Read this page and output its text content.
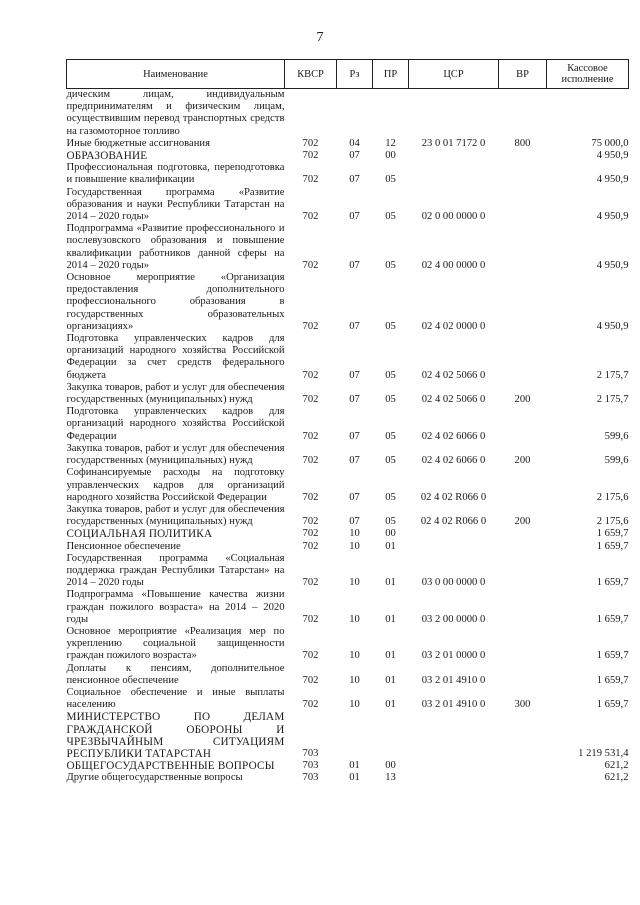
7
Наименование	КВСР	Рз	ПР	ЦСР	ВР	Кассовое исполнение
дическим лицам, индивидуальным предпринимателям и физическим лицам, осуществившим перевод транспортных средств на газомоторное топливо						
Иные бюджетные ассигнования	702	04	12	23 0 01 7172 0	800	75 000,0
ОБРАЗОВАНИЕ	702	07	00			4 950,9
Профессиональная подготовка, переподготовка и повышение квалификации	702	07	05			4 950,9
Государственная программа «Развитие образования и науки Республики Татарстан на 2014 – 2020 годы»	702	07	05	02 0 00 0000 0		4 950,9
Подпрограмма «Развитие профессионального и послевузовского образования и повышение квалификации работников данной сферы на 2014 – 2020 годы»	702	07	05	02 4 00 0000 0		4 950,9
Основное мероприятие «Организация предоставления дополнительного профессионального образования в государственных образовательных организациях»	702	07	05	02 4 02 0000 0		4 950,9
Подготовка управленческих кадров для организаций народного хозяйства Российской Федерации за счет средств федерального бюджета	702	07	05	02 4 02 5066 0		2 175,7
Закупка товаров, работ и услуг для обеспечения государственных (муниципальных) нужд	702	07	05	02 4 02 5066 0	200	2 175,7
Подготовка управленческих кадров для организаций народного хозяйства Российской Федерации	702	07	05	02 4 02 6066 0		599,6
Закупка товаров, работ и услуг для обеспечения государственных (муниципальных) нужд	702	07	05	02 4 02 6066 0	200	599,6
Софинансируемые расходы на подготовку управленческих кадров для организаций народного хозяйства Российской Федерации	702	07	05	02 4 02 R066 0		2 175,6
Закупка товаров, работ и услуг для обеспечения государственных (муниципальных) нужд	702	07	05	02 4 02 R066 0	200	2 175,6
СОЦИАЛЬНАЯ ПОЛИТИКА	702	10	00			1 659,7
Пенсионное обеспечение	702	10	01			1 659,7
Государственная программа «Социальная поддержка граждан Республики Татарстан» на 2014 – 2020 годы	702	10	01	03 0 00 0000 0		1 659,7
Подпрограмма «Повышение качества жизни граждан пожилого возраста» на 2014 – 2020 годы	702	10	01	03 2 00 0000 0		1 659,7
Основное мероприятие «Реализация мер по укреплению социальной защищенности граждан пожилого возраста»	702	10	01	03 2 01 0000 0		1 659,7
Доплаты к пенсиям, дополнительное пенсионное обеспечение	702	10	01	03 2 01 4910 0		1 659,7
Социальное обеспечение и иные выплаты населению	702	10	01	03 2 01 4910 0	300	1 659,7
МИНИСТЕРСТВО ПО ДЕЛАМ ГРАЖДАНСКОЙ ОБОРОНЫ И ЧРЕЗВЫЧАЙНЫМ СИТУАЦИЯМ РЕСПУБЛИКИ ТАТАРСТАН	703					1 219 531,4
ОБЩЕГОСУДАРСТВЕННЫЕ ВОПРОСЫ	703	01	00			621,2
Другие общегосударственные вопросы	703	01	13			621,2
